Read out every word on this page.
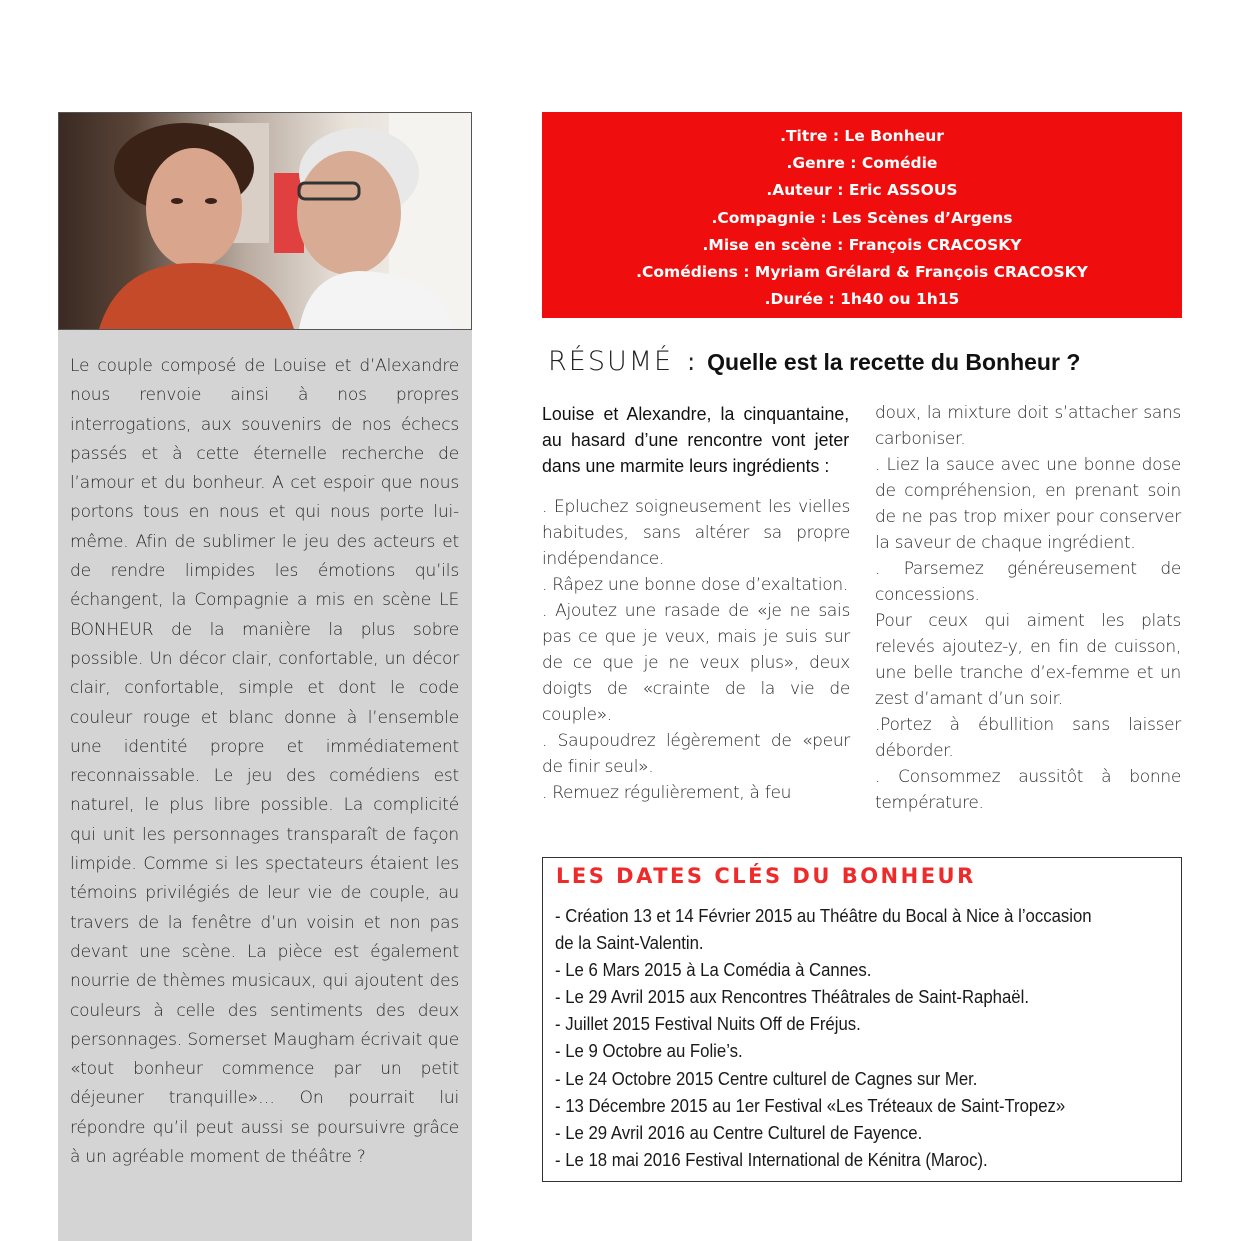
Le couple composé de Louise et d’Alexandre nous renvoie ainsi à nos propres interrogations, aux souvenirs de nos échecs passés et à cette éternelle recherche de l’amour et du bonheur. A cet espoir que nous portons tous en nous et qui nous porte lui-même. Afin de sublimer le jeu des acteurs et de rendre limpides les émotions qu’ils échangent, la Compagnie a mis en scène LE BONHEUR de la manière la plus sobre possible. Un décor clair, confortable, un décor clair, confortable, simple et dont le code couleur rouge et blanc donne à l’ensemble une identité propre et immédiatement reconnaissable. Le jeu des comédiens est naturel, le plus libre possible. La complicité qui unit les personnages transparaît de façon limpide. Comme si les spectateurs étaient les témoins privilégiés de leur vie de couple, au travers de la fenêtre d’un voisin et non pas devant une scène. La pièce est également nourrie de thèmes musicaux, qui ajoutent des couleurs à celle des sentiments des deux personnages. Somerset Maugham écrivait que «tout bonheur commence par un petit déjeuner tranquille»… On pourrait lui répondre qu’il peut aussi se poursuivre grâce à un agréable moment de théâtre ?
.Titre : Le Bonheur
.Genre : Comédie
.Auteur : Eric ASSOUS
.Compagnie : Les Scènes d’Argens
.Mise en scène : François CRACOSKY
.Comédiens : Myriam Grélard & François CRACOSKY
.Durée : 1h40 ou 1h15
RÉSUMÉ : Quelle est la recette du Bonheur ?

Louise et Alexandre, la cinquantaine, au hasard d’une rencontre vont jeter dans une marmite leurs ingrédients :

. Epluchez soigneusement les vielles habitudes, sans altérer sa propre indépendance.

. Râpez une bonne dose d’exaltation.

. Ajoutez une rasade de «je ne sais pas ce que je veux, mais je suis sur de ce que je ne veux plus», deux doigts de «crainte de la vie de couple».

. Saupoudrez légèrement de «peur de finir seul».

. Remuez régulièrement, à feu

doux, la mixture doit s’attacher sans carboniser.

. Liez la sauce avec une bonne dose de compréhension, en prenant soin de ne pas trop mixer pour conserver la saveur de chaque ingrédient.

. Parsemez généreusement de concessions.

Pour ceux qui aiment les plats relevés ajoutez-y, en fin de cuisson, une belle tranche d’ex-femme et un zest d’amant d’un soir.

.Portez à ébullition sans laisser déborder.

. Consommez aussitôt à bonne température.

LES DATES CLÉS DU BONHEUR
- Création 13 et 14 Février 2015 au Théâtre du Bocal à Nice à l’occasion
de la Saint-Valentin.
- Le 6 Mars 2015 à La Comédia à Cannes.
- Le 29 Avril 2015 aux Rencontres Théâtrales de Saint-Raphaël.
- Juillet 2015 Festival Nuits Off de Fréjus.
- Le 9 Octobre au Folie’s.
- Le 24 Octobre 2015 Centre culturel de Cagnes sur Mer.
- 13 Décembre 2015 au 1er Festival «Les Tréteaux de Saint-Tropez»
- Le 29 Avril 2016 au Centre Culturel de Fayence.
- Le 18 mai 2016 Festival International de Kénitra (Maroc).
